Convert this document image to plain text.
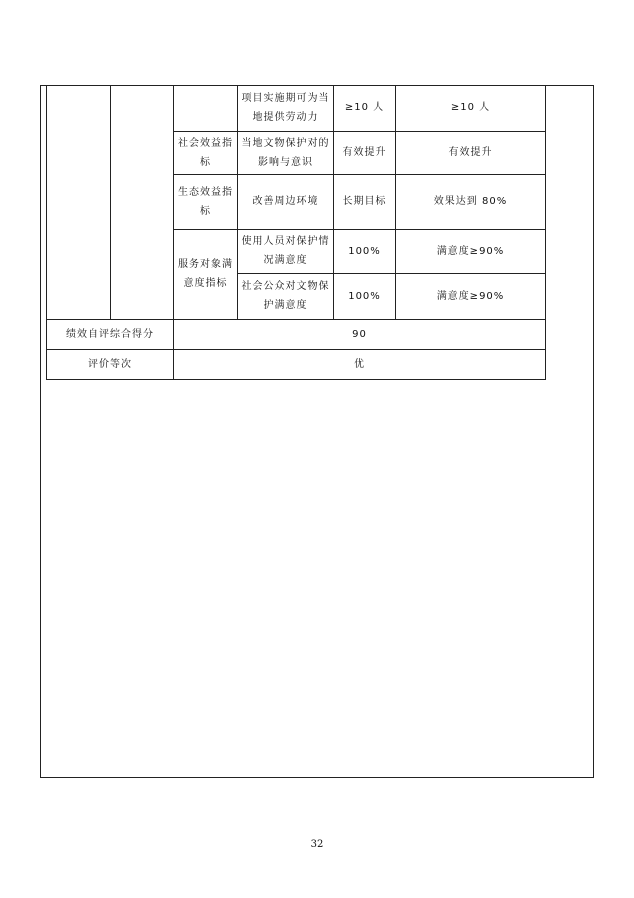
			项目实施期可为当地提供劳动力	≥10 人	≥10 人
		社会效益指标	当地文物保护对的影响与意识	有效提升	有效提升
		生态效益指标	改善周边环境	长期目标	效果达到 80%
		服务对象满意度指标	使用人员对保护情况满意度	100%	满意度≥90%
			社会公众对文物保护满意度	100%	满意度≥90%
绩效自评综合得分		90			
评价等次		优			
32
